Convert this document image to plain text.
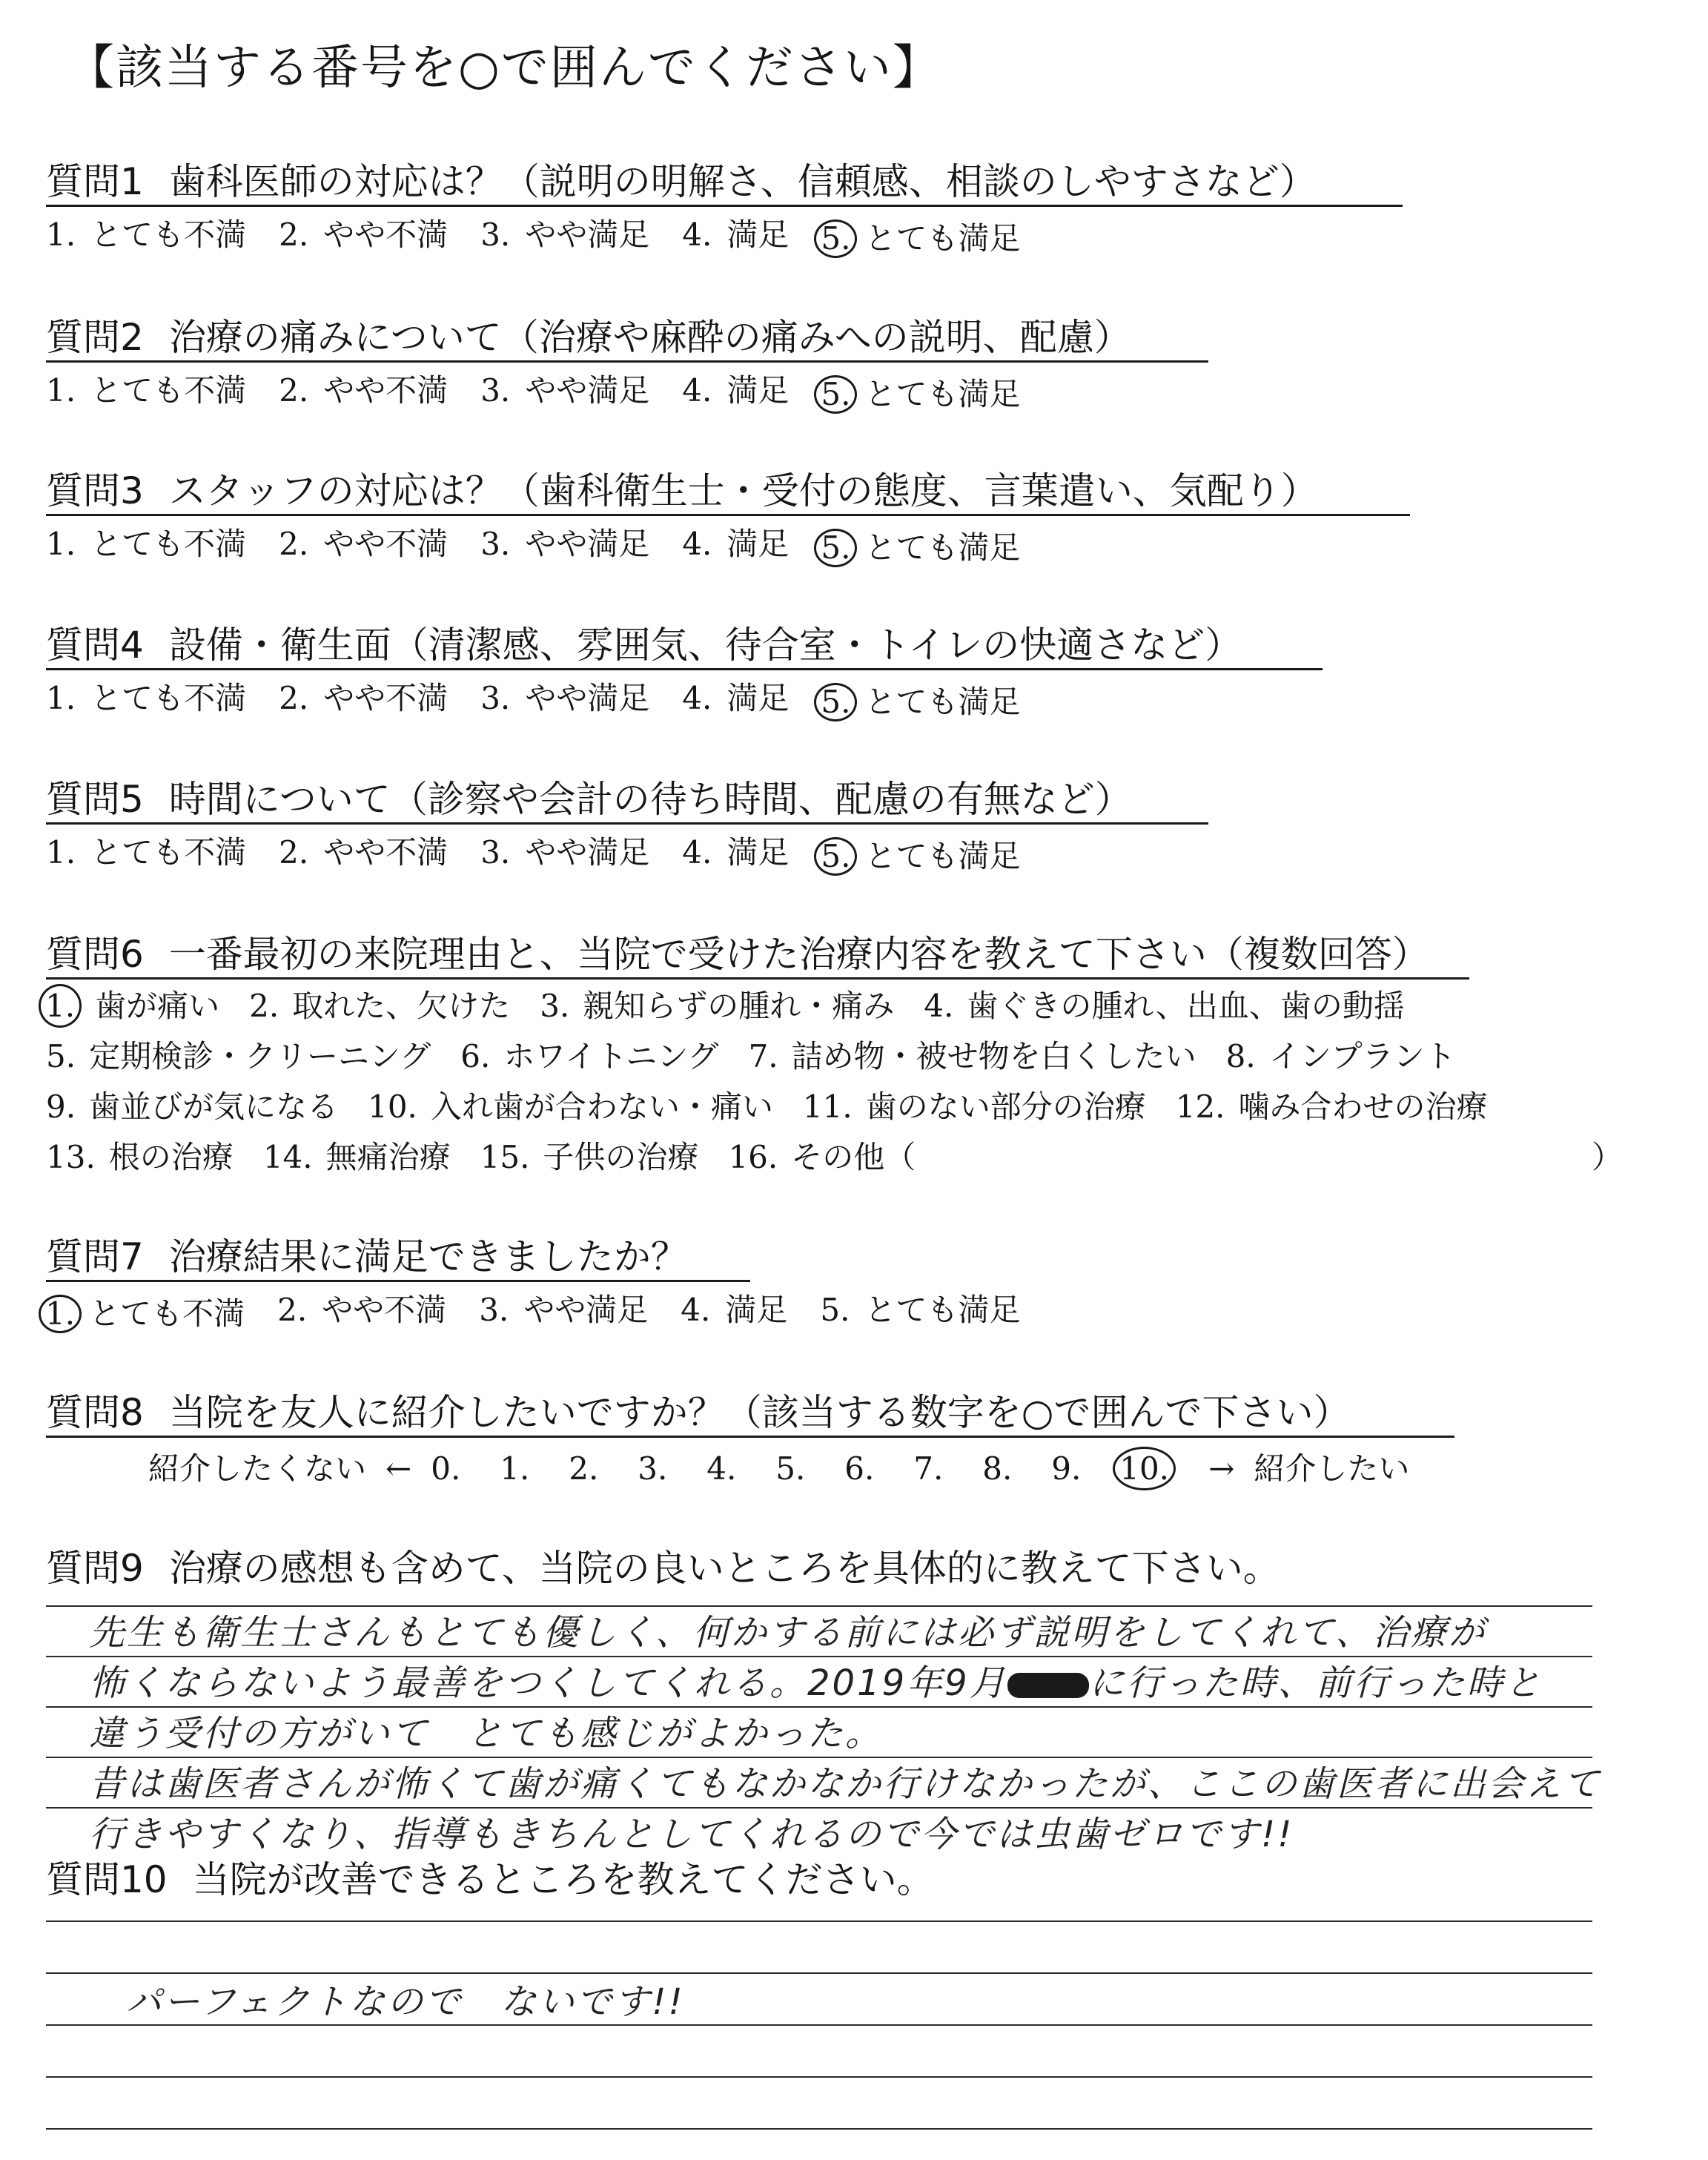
【該当する番号を○で囲んでください】
質問1 歯科医師の対応は？（説明の明解さ、信頼感、相談のしやすさなど）
1. とても不満 2. やや不満 3. やや満足 4. 満足 5. とても満足
質問2 治療の痛みについて（治療や麻酔の痛みへの説明、配慮）
1. とても不満 2. やや不満 3. やや満足 4. 満足 5. とても満足
質問3 スタッフの対応は？（歯科衛生士・受付の態度、言葉遣い、気配り）
1. とても不満 2. やや不満 3. やや満足 4. 満足 5. とても満足
質問4 設備・衛生面（清潔感、雰囲気、待合室・トイレの快適さなど）
1. とても不満 2. やや不満 3. やや満足 4. 満足 5. とても満足
質問5 時間について（診察や会計の待ち時間、配慮の有無など）
1. とても不満 2. やや不満 3. やや満足 4. 満足 5. とても満足
質問6 一番最初の来院理由と、当院で受けた治療内容を教えて下さい（複数回答）
1. 歯が痛い 2. 取れた、欠けた 3. 親知らずの腫れ・痛み 4. 歯ぐきの腫れ、出血、歯の動揺
5. 定期検診・クリーニング 6. ホワイトニング 7. 詰め物・被せ物を白くしたい 8. インプラント
9. 歯並びが気になる 10. 入れ歯が合わない・痛い 11. 歯のない部分の治療 12. 噛み合わせの治療
13. 根の治療 14. 無痛治療 15. 子供の治療 16. その他（	）
質問7 治療結果に満足できましたか？
1. とても不満 2. やや不満 3. やや満足 4. 満足 5. とても満足
質問8 当院を友人に紹介したいですか？（該当する数字を○で囲んで下さい）
紹介したくない ← 0. 1. 2. 3. 4. 5. 6. 7. 8. 9. 10.	→ 紹介したい
質問9 治療の感想も含めて、当院の良いところを具体的に教えて下さい。
先生も衛生士さんもとても優しく、何かする前には必ず説明をしてくれて、治療が
怖くならないよう最善をつくしてくれる。2019年9月 に行った時、前行った時と
違う受付の方がいて　とても感じがよかった。
昔は歯医者さんが怖くて歯が痛くてもなかなか行けなかったが、ここの歯医者に出会えて
行きやすくなり、指導もきちんとしてくれるので今では虫歯ゼロです!!
質問10 当院が改善できるところを教えてください。
パーフェクトなので　ないです!!
